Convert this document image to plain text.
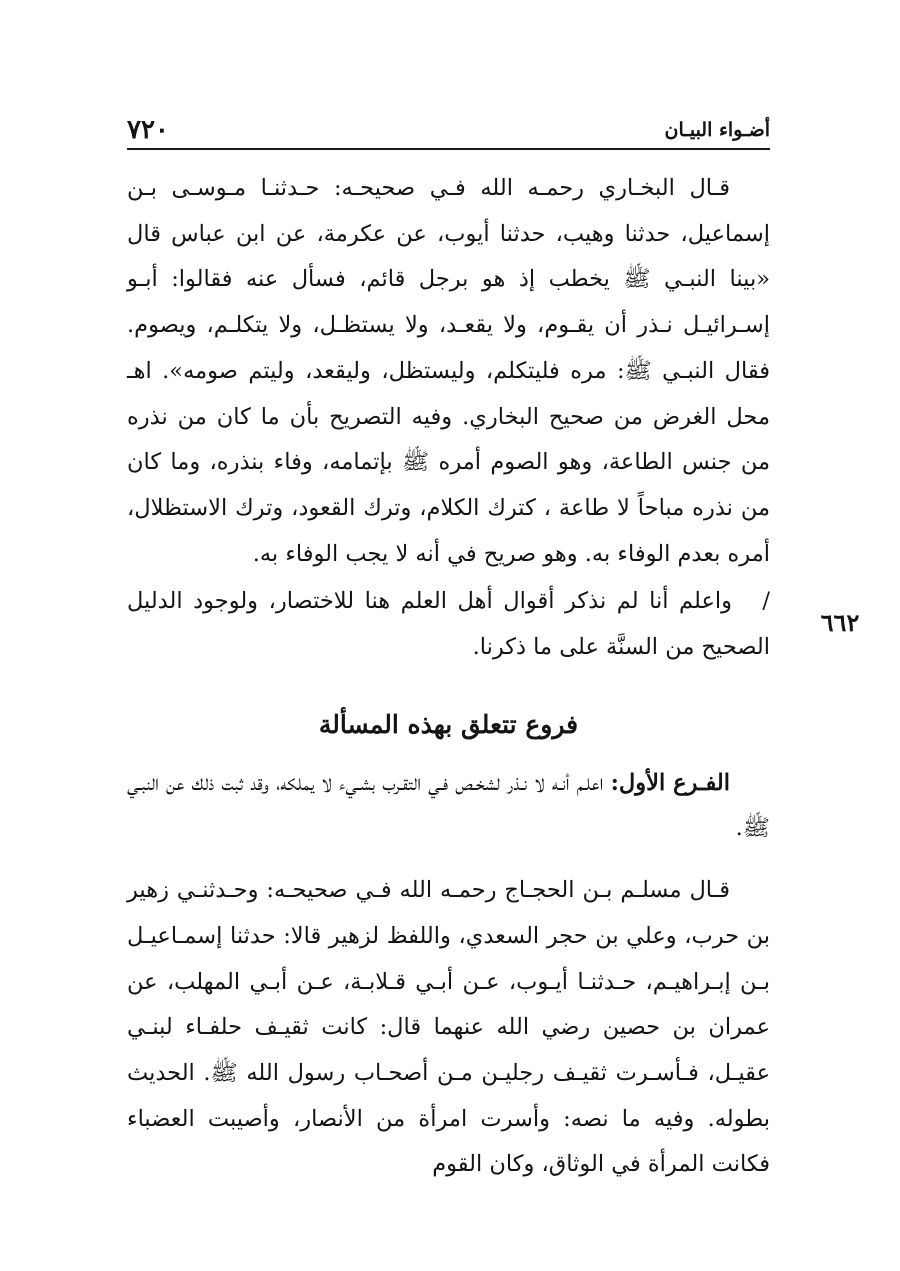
٧٢٠	أضـواء البيـان
٦٦٢

قـال البخـاري رحمـه الله فـي صحيحـه: حـدثنـا مـوسـى بـن إسماعيل، حدثنا وهيب، حدثنا أيوب، عن عكرمة، عن ابن عباس قال «بينا النبـي ﷺ يخطب إذ هو برجل قائم، فسأل عنه فقالوا: أبـو إسـرائيـل نـذر أن يقـوم، ولا يقعـد، ولا يستظـل، ولا يتكلـم، ويصوم. فقال النبـي ﷺ: مره فليتكلم، وليستظل، وليقعد، وليتم صومه». اهـ محل الغرض من صحيح البخاري. وفيه التصريح بأن ما كان من نذره من جنس الطاعة، وهو الصوم أمره ﷺ بإتمامه، وفاء بنذره، وما كان من نذره مباحاً لا طاعة ، كترك الكلام، وترك القعود، وترك الاستظلال، أمره بعدم الوفاء به. وهو صريح في أنه لا يجب الوفاء به.

/واعلم أنا لم نذكر أقوال أهل العلم هنا للاختصار، ولوجود الدليل الصحيح من السنَّة على ما ذكرنا.

فروع تتعلق بهذه المسألة

الفـرع الأول: اعلـم أنـه لا نـذر لشخـص فـي التقـرب بشـيء لا يملكه، وقد ثبت ذلك عن النبـي ﷺ.

قـال مسلـم بـن الحجـاج رحمـه الله فـي صحيحـه: وحـدثنـي زهير بن حرب، وعلي بن حجر السعدي، واللفظ لزهير قالا: حدثنا إسمـاعيـل بـن إبـراهيـم، حـدثنـا أيـوب، عـن أبـي قـلابـة، عـن أبـي المهلب، عن عمران بن حصين رضي الله عنهما قال: كانت ثقيـف حلفـاء لبنـي عقيـل، فـأسـرت ثقيـف رجليـن مـن أصحـاب رسول الله ﷺ. الحديث بطوله. وفيه ما نصه: وأسرت امرأة من الأنصار، وأصيبت العضباء فكانت المرأة في الوثاق، وكان القوم
